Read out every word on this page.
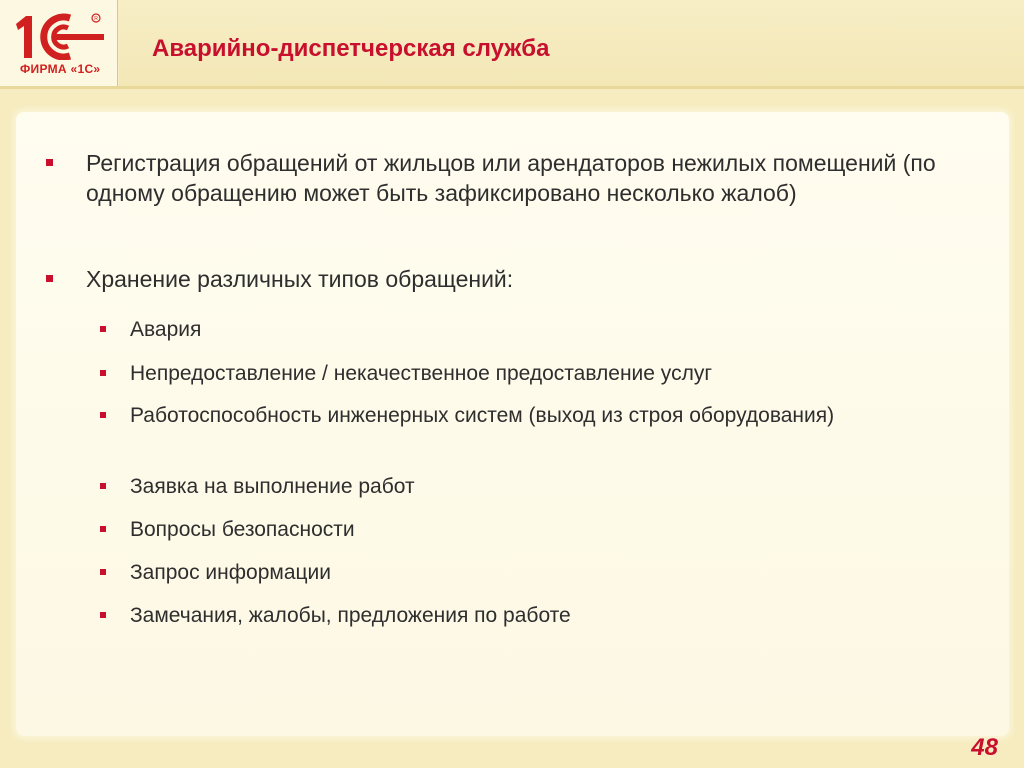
R
ФИРМА «1С»
Аварийно-диспетчерская служба
Регистрация обращений от жильцов или арендаторов нежилых помещений (по одному обращению может быть зафиксировано несколько жалоб)
Хранение различных типов обращений:
Авария
Непредоставление / некачественное предоставление услуг
Работоспособность инженерных систем (выход из строя оборудования)
Заявка на выполнение работ
Вопросы безопасности
Запрос информации
Замечания, жалобы, предложения по работе
48
